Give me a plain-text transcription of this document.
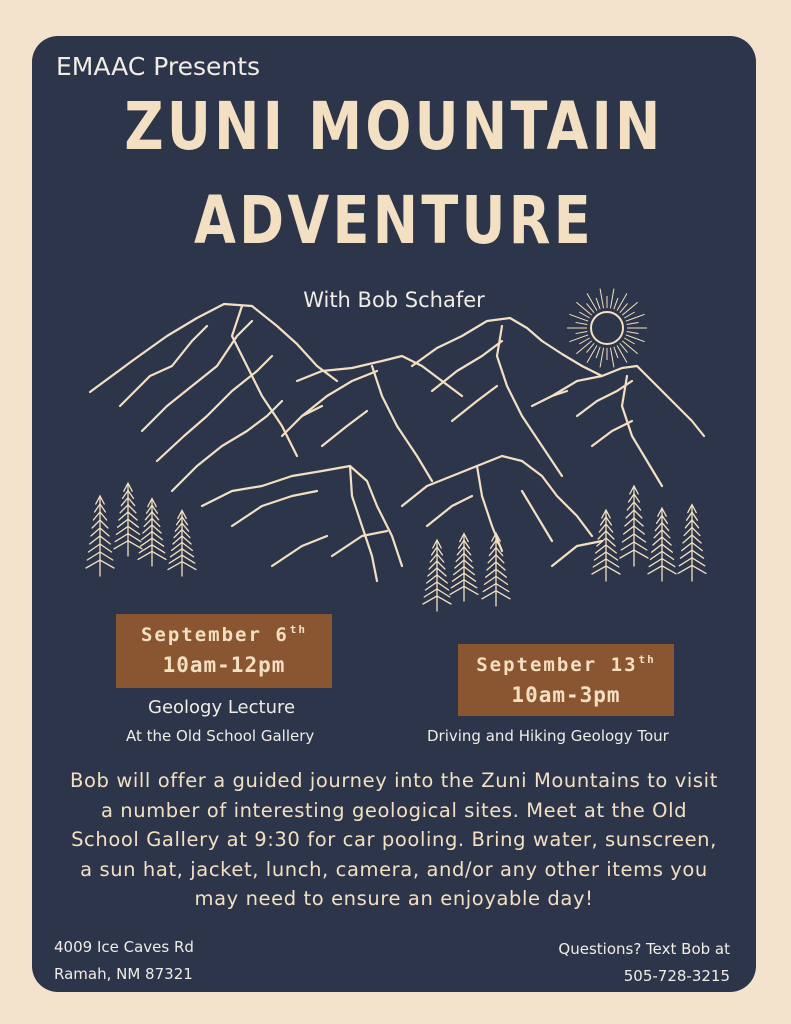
EMAAC Presents
ZUNI MOUNTAIN
ADVENTURE
With Bob Schafer
September 6th
10am-12pm
Geology Lecture
At the Old School Gallery
September 13th
10am-3pm
Driving and Hiking Geology Tour
Bob will offer a guided journey into the Zuni Mountains to visit a number of interesting geological sites. Meet at the Old School Gallery at 9:30 for car pooling. Bring water, sunscreen, a sun hat, jacket, lunch, camera, and/or any other items you may need to ensure an enjoyable day!
4009 Ice Caves Rd
Ramah, NM 87321
Questions? Text Bob at
505-728-3215
